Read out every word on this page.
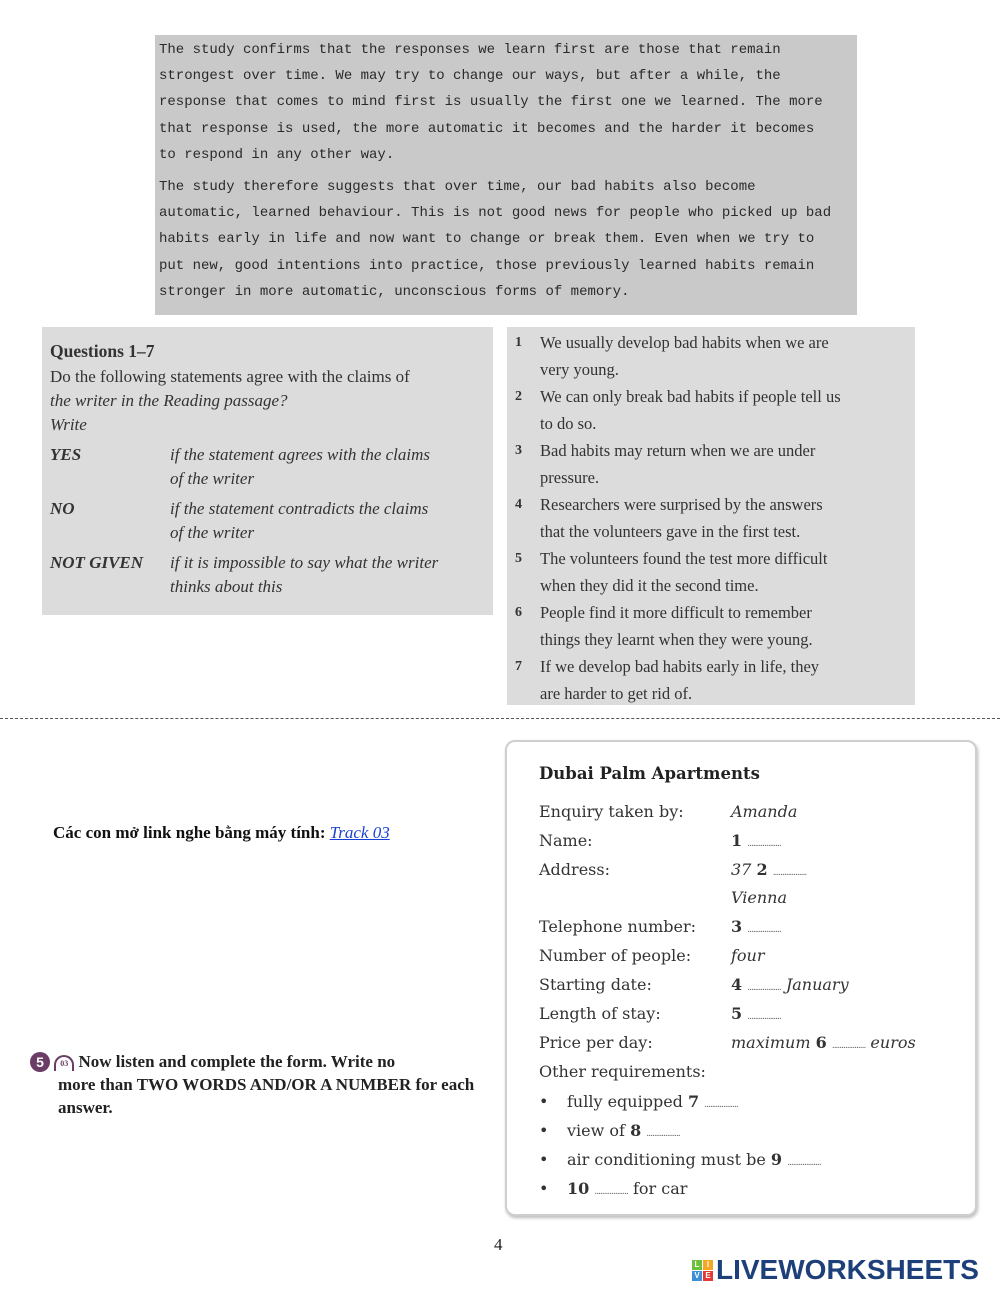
The study confirms that the responses we learn first are those that remain
strongest over time. We may try to change our ways, but after a while, the
response that comes to mind first is usually the first one we learned. The more
that response is used, the more automatic it becomes and the harder it becomes
to respond in any other way.
The study therefore suggests that over time, our bad habits also become
automatic, learned behaviour. This is not good news for people who picked up bad
habits early in life and now want to change or break them. Even when we try to
put new, good intentions into practice, those previously learned habits remain
stronger in more automatic, unconscious forms of memory.
Questions 1–7
Do the following statements agree with the claims of
the writer in the Reading passage?
Write
YES	if the statement agrees with the claims
of the writer
NO	if the statement contradicts the claims
of the writer
NOT GIVEN	if it is impossible to say what the writer
thinks about this
1	We usually develop bad habits when we are
very young.
2	We can only break bad habits if people tell us
to do so.
3	Bad habits may return when we are under
pressure.
4	Researchers were surprised by the answers
that the volunteers gave in the first test.
5	The volunteers found the test more difficult
when they did it the second time.
6	People find it more difficult to remember
things they learnt when they were young.
7	If we develop bad habits early in life, they
are harder to get rid of.
Các con mở link nghe bằng máy tính: Track 03
5 03 Now listen and complete the form. Write no
more than TWO WORDS AND/OR A NUMBER for each answer.
Dubai Palm Apartments
Enquiry taken by:	Amanda
Name:	1 ..................
Address:	37 2 ..................
Vienna
Telephone number:	3 ..................
Number of people:	four
Starting date:	4 .................. January
Length of stay:	5 ..................
Price per day:	maximum 6 .................. euros
Other requirements:
• fully equipped 7 ..................
• view of 8 ..................
• air conditioning must be 9 ..................
• 10 .................. for car
4
L I
V E LIVEWORKSHEETS
